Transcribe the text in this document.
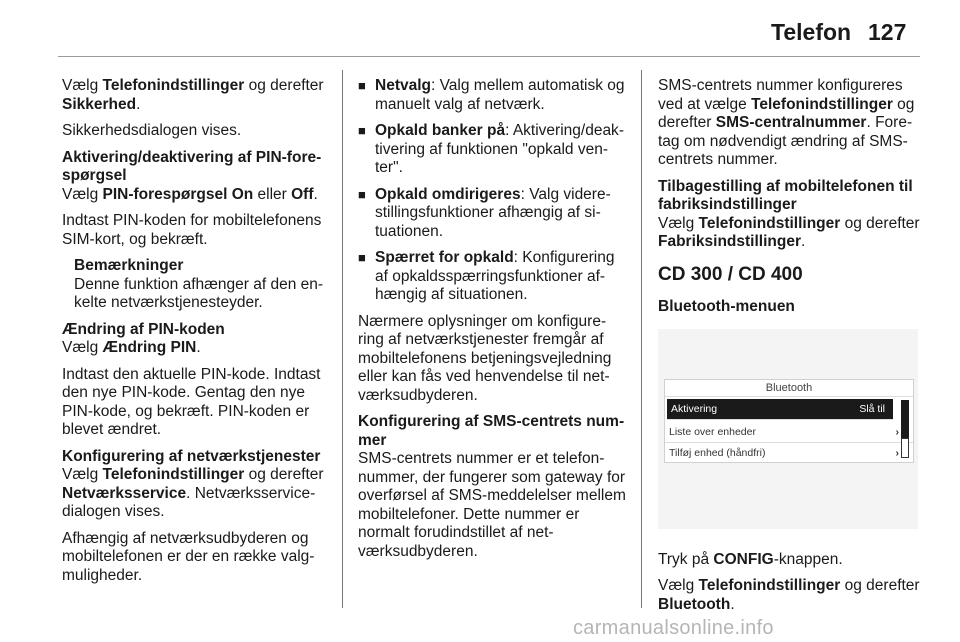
Telefon 127

Vælg Telefonindstillinger og derefter Sikkerhed.

Sikkerhedsdialogen vises.

Aktivering/deaktivering af PIN-forespørgsel

Vælg PIN-forespørgsel On eller Off.

Indtast PIN-koden for mobiltelefonens SIM-kort, og bekræft.

Bemærkninger
Denne funktion afhænger af den enkelte netværkstjenesteyder.
Ændring af PIN-koden

Vælg Ændring PIN.

Indtast den aktuelle PIN-kode. Indtast den nye PIN-kode. Gentag den nye PIN-kode, og bekræft. PIN-koden er blevet ændret.

Konfigurering af netværkstjenester

Vælg Telefonindstillinger og derefter Netværksservice. Netværksservicedialogen vises.

Afhængig af netværksudbyderen og mobiltelefonen er der en række valgmuligheder.

■ Netvalg: Valg mellem automatisk og manuelt valg af netværk.
■ Opkald banker på: Aktivering/deaktivering af funktionen "opkald venter".
■ Opkald omdirigeres: Valg viderestillingsfunktioner afhængig af situationen.
■ Spærret for opkald: Konfigurering af opkaldsspærringsfunktioner afhængig af situationen.

Nærmere oplysninger om konfigurering af netværkstjenester fremgår af mobiltelefonens betjeningsvejledning eller kan fås ved henvendelse til netværksudbyderen.

Konfigurering af SMS-centrets nummer

SMS-centrets nummer er et telefonnummer, der fungerer som gateway for overførsel af SMS-meddelelser mellem mobiltelefoner. Dette nummer er normalt forudindstillet af netværksudbyderen.

SMS-centrets nummer konfigureres ved at vælge Telefonindstillinger og derefter SMS-centralnummer. Foretag om nødvendigt ændring af SMS-centrets nummer.

Tilbagestilling af mobiltelefonen til fabriksindstillinger

Vælg Telefonindstillinger og derefter Fabriksindstillinger.

CD 300 / CD 400
Bluetooth-menuen
Bluetooth
Aktivering	Slå til
Liste over enheder	›
Tilføj enhed (håndfri)	›

Tryk på CONFIG-knappen.

Vælg Telefonindstillinger og derefter Bluetooth.

carmanualsonline.info
